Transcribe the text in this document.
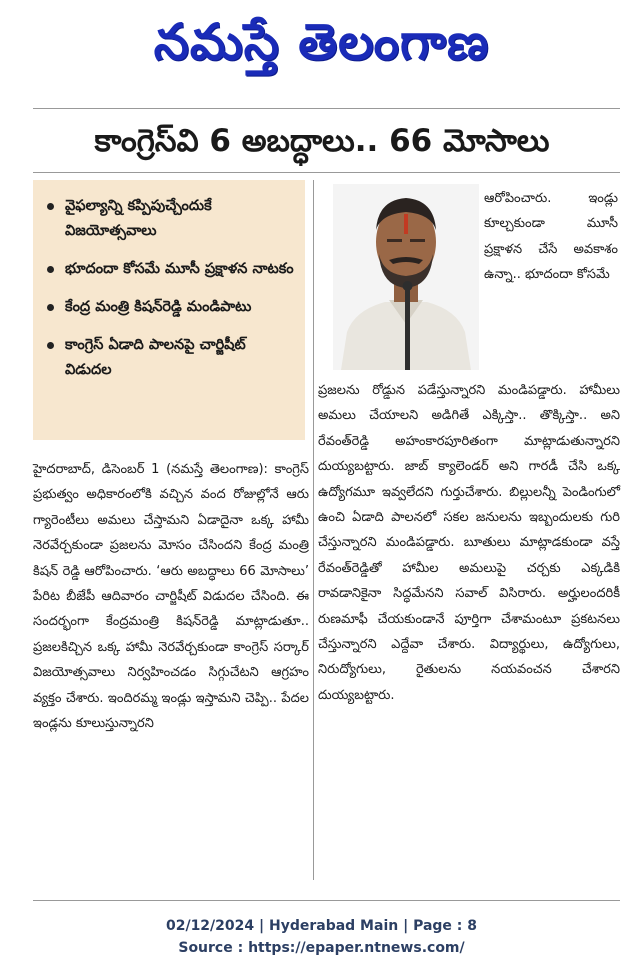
నమస్తే తెలంగాణ
కాంగ్రెస్‌వి 6 అబద్ధాలు.. 66 మోసాలు
వైఫల్యాన్ని కప్పిపుచ్చేందుకే విజయోత్సవాలు
భూదందా కోసమే మూసీ ప్రక్షాళన నాటకం
కేంద్ర మంత్రి కిషన్‌రెడ్డి మండిపాటు
కాంగ్రెస్ ఏడాది పాలనపై చార్జిషీట్ విడుదల
హైదరాబాద్, డిసెంబర్ 1 (నమస్తే తెలంగాణ): కాంగ్రెస్ ప్రభుత్వం అధికారంలోకి వచ్చిన వంద రోజుల్లోనే ఆరు గ్యారెంటీలు అమలు చేస్తామని ఏడాదైనా ఒక్క హామీ నెరవేర్చకుండా ప్రజలను మోసం చేసిందని కేంద్ర మంత్రి కిషన్ రెడ్డి ఆరోపించారు. ‘ఆరు అబద్ధాలు 66 మోసాలు’ పేరిట బీజేపీ ఆదివారం చార్జిషీట్ విడుదల చేసింది. ఈ సందర్భంగా కేంద్రమంత్రి కిషన్‌రెడ్డి మాట్లాడుతూ.. ప్రజలకిచ్చిన ఒక్క హామీ నెరవేర్చకుండా కాంగ్రెస్ సర్కార్ విజయోత్సవాలు నిర్వహించడం సిగ్గుచేటని ఆగ్రహం వ్యక్తం చేశారు. ఇందిరమ్మ ఇండ్లు ఇస్తామని చెప్పి.. పేదల ఇండ్లను కూలుస్తున్నారని
ఆరోపించారు. ఇండ్లు కూల్చకుండా మూసీ ప్రక్షాళన చేసే అవకాశం ఉన్నా.. భూదందా కోసమే
ప్రజలను రోడ్డున పడేస్తున్నారని మండిపడ్డారు. హామీలు అమలు చేయాలని అడిగితే ఎక్కిస్తా.. తొక్కిస్తా.. అని రేవంత్‌రెడ్డి అహంకారపూరితంగా మాట్లాడుతున్నారని దుయ్యబట్టారు. జాబ్ క్యాలెండర్ అని గారడీ చేసి ఒక్క ఉద్యోగమూ ఇవ్వలేదని గుర్తుచేశారు. బిల్లులన్నీ పెండింగులో ఉంచి ఏడాది పాలనలో సకల జనులను ఇబ్బందులకు గురి చేస్తున్నారని మండిపడ్డారు. బూతులు మాట్లాడకుండా వస్తే రేవంత్‌రెడ్డితో హామీల అమలుపై చర్చకు ఎక్కడికి రావడానికైనా సిద్ధమేనని సవాల్ విసిరారు. అర్హులందరికీ రుణమాఫీ చేయకుండానే పూర్తిగా చేశామంటూ ప్రకటనలు చేస్తున్నారని ఎద్దేవా చేశారు. విద్యార్థులు, ఉద్యోగులు, నిరుద్యోగులు, రైతులను నయవంచన చేశారని దుయ్యబట్టారు.
02/12/2024 | Hyderabad Main | Page : 8
Source : https://epaper.ntnews.com/
